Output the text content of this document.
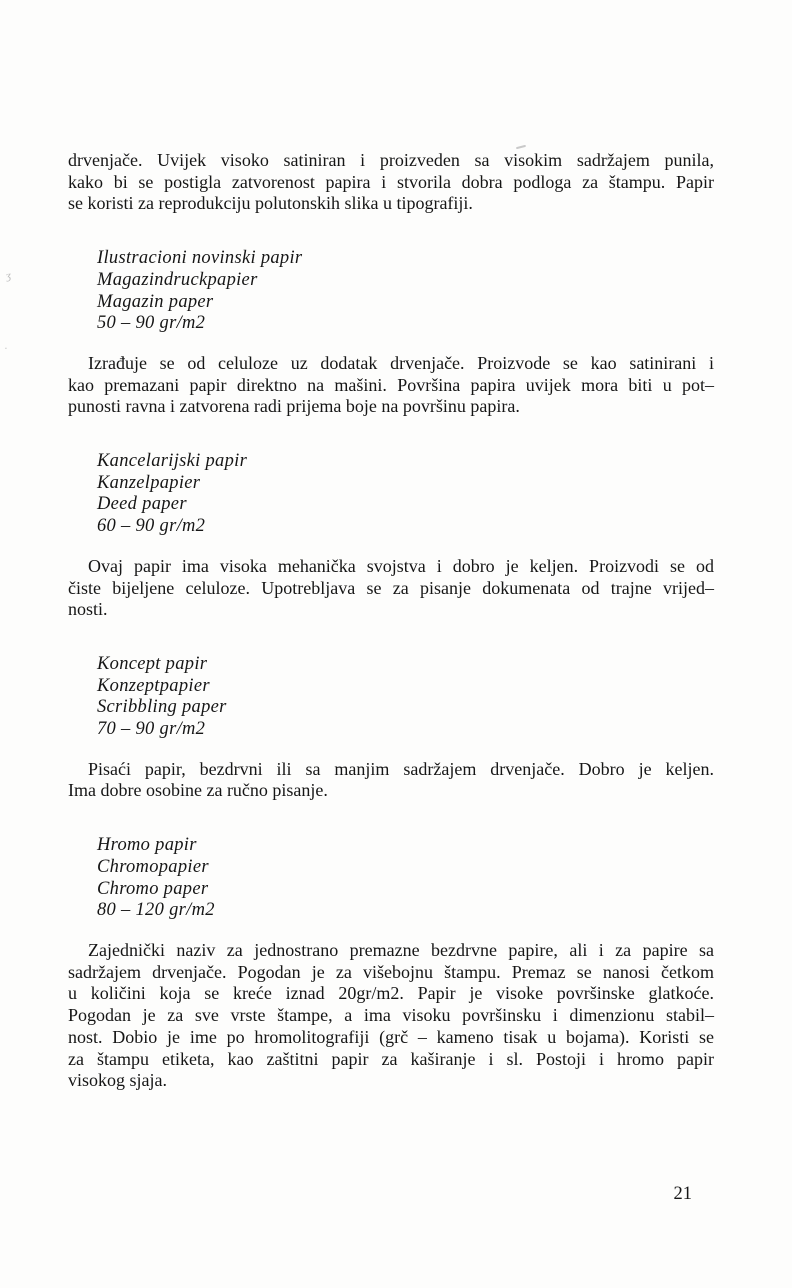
ʒ
˙
drvenjače. Uvijek visoko satiniran i proizveden sa visokim sadržajem punila,
kako bi se postigla zatvorenost papira i stvorila dobra podloga za štampu. Papir
se koristi za reprodukciju polutonskih slika u tipografiji.
Ilustracioni novinski papir
Magazindruckpapier
Magazin paper
50 – 90 gr/m2
Izrađuje se od celuloze uz dodatak drvenjače. Proizvode se kao satinirani i
kao premazani papir direktno na mašini. Površina papira uvijek mora biti u pot–
punosti ravna i zatvorena radi prijema boje na površinu papira.
Kancelarijski papir
Kanzelpapier
Deed paper
60 – 90 gr/m2
Ovaj papir ima visoka mehanička svojstva i dobro je keljen. Proizvodi se od
čiste bijeljene celuloze. Upotrebljava se za pisanje dokumenata od trajne vrijed–
nosti.
Koncept papir
Konzeptpapier
Scribbling paper
70 – 90 gr/m2
Pisaći papir, bezdrvni ili sa manjim sadržajem drvenjače. Dobro je keljen.
Ima dobre osobine za ručno pisanje.
Hromo papir
Chromopapier
Chromo paper
80 – 120 gr/m2
Zajednički naziv za jednostrano premazne bezdrvne papire, ali i za papire sa
sadržajem drvenjače. Pogodan je za višebojnu štampu. Premaz se nanosi četkom
u količini koja se kreće iznad 20gr/m2. Papir je visoke površinske glatkoće.
Pogodan je za sve vrste štampe, a ima visoku površinsku i dimenzionu stabil–
nost. Dobio je ime po hromolitografiji (grč – kameno tisak u bojama). Koristi se
za štampu etiketa, kao zaštitni papir za kaširanje i sl. Postoji i hromo papir
visokog sjaja.
21
